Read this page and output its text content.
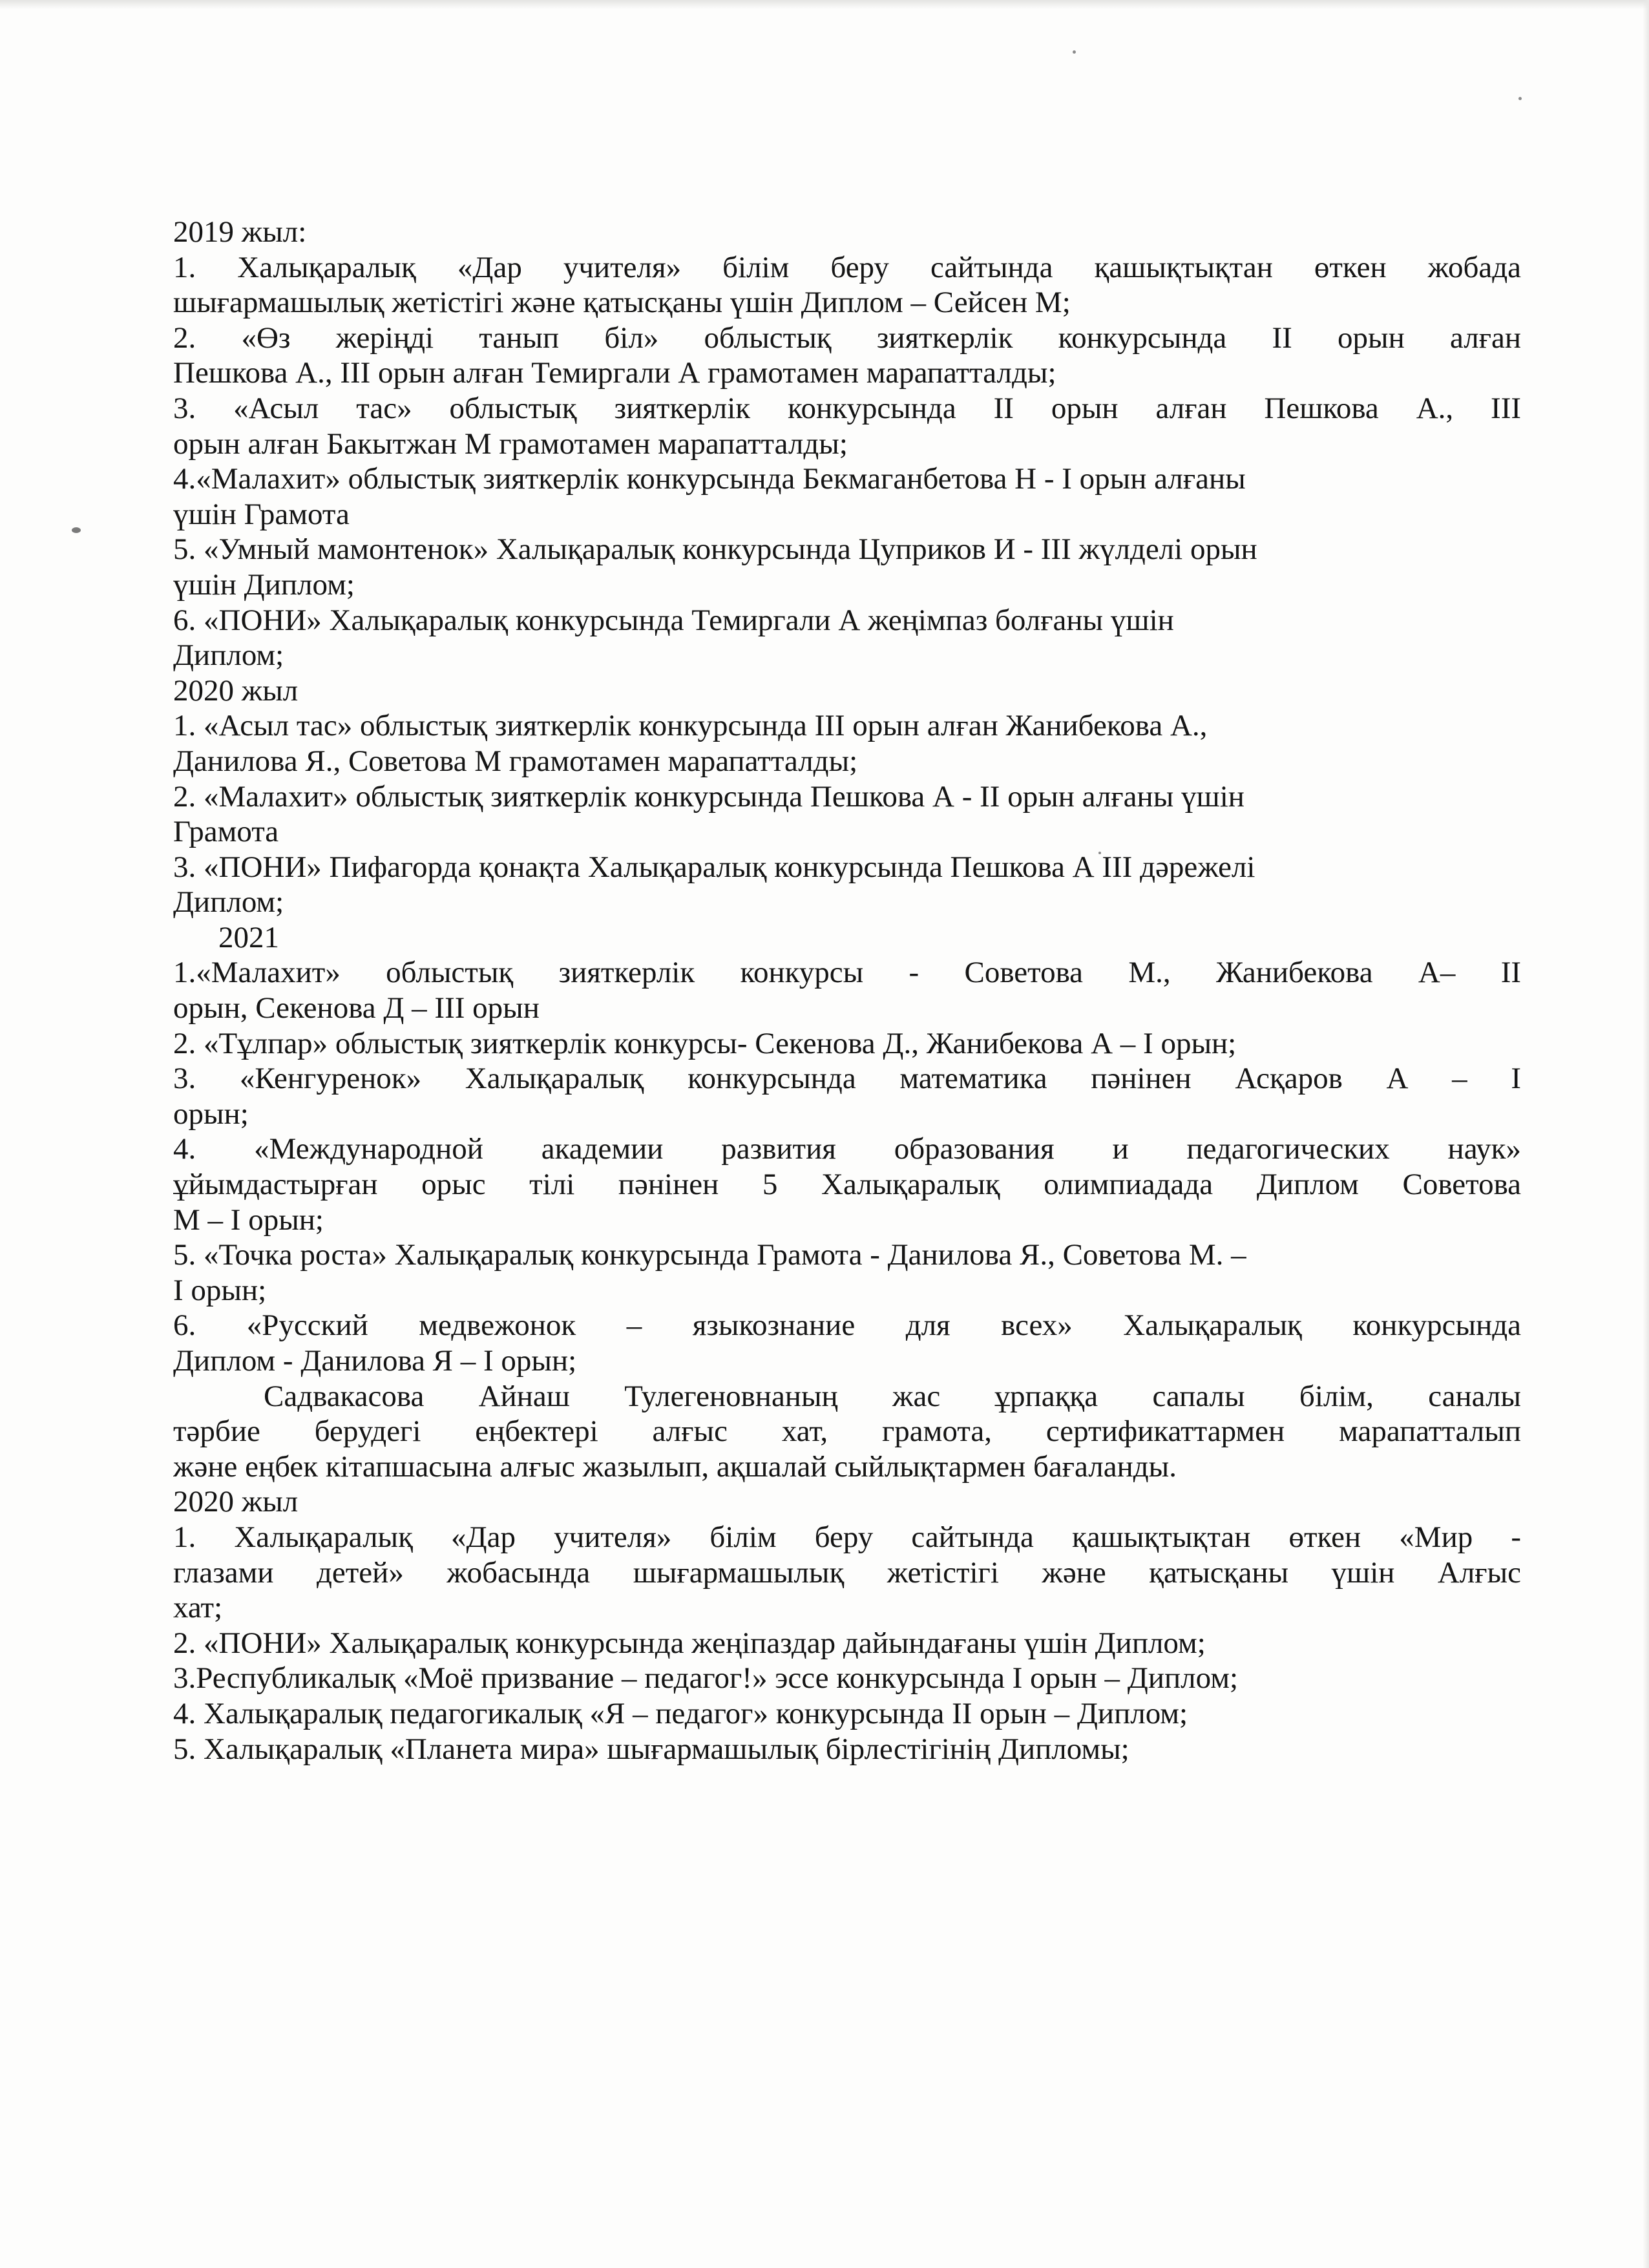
2019 жыл:
1. Халықаралық «Дар учителя» білім беру сайтында қашықтықтан өткен жобада
шығармашылық жетістігі және қатысқаны үшін Диплом – Сейсен М;
2. «Өз жеріңді танып біл» облыстық зияткерлік конкурсында II орын алған
Пешкова А., III орын алған Темиргали А грамотамен марапатталды;
3. «Асыл тас» облыстық зияткерлік конкурсында II орын алған Пешкова А., III
орын алған Бакытжан М грамотамен марапатталды;
4.«Малахит» облыстық зияткерлік конкурсында Бекмаганбетова Н - I орын алғаны
үшін Грамота
5. «Умный мамонтенок» Халықаралық конкурсында Цуприков И - III жүлделі орын
үшін Диплом;
6. «ПОНИ» Халықаралық конкурсында Темиргали А жеңімпаз болғаны үшін
Диплом;
2020 жыл
1. «Асыл тас» облыстық зияткерлік конкурсында III орын алған Жанибекова А.,
Данилова Я., Советова М грамотамен марапатталды;
2. «Малахит» облыстық зияткерлік конкурсында Пешкова А - II орын алғаны үшін
Грамота
3. «ПОНИ» Пифагорда қонақта Халықаралық конкурсында Пешкова А III дәрежелі
Диплом;
2021
1.«Малахит» облыстық зияткерлік конкурсы - Советова М., Жанибекова А– II
орын, Секенова Д – III орын
2. «Тұлпар» облыстық зияткерлік конкурсы- Секенова Д., Жанибекова А – I орын;
3. «Кенгуренок» Халықаралық конкурсында математика пәнінен Асқаров А – I
орын;
4. «Международной академии развития образования и педагогических наук»
ұйымдастырған орыс тілі пәнінен 5 Халықаралық олимпиадада Диплом Советова
М – I орын;
5. «Точка роста» Халықаралық конкурсында Грамота - Данилова Я., Советова М. –
I орын;
6. «Русский медвежонок – языкознание для всех» Халықаралық конкурсында
Диплом - Данилова Я – I орын;
Садвакасова Айнаш Тулегеновнаның жас ұрпаққа сапалы білім, саналы
тәрбие берудегі еңбектері алғыс хат, грамота, сертификаттармен марапатталып
және еңбек кітапшасына алғыс жазылып, ақшалай сыйлықтармен бағаланды.
2020 жыл
1. Халықаралық «Дар учителя» білім беру сайтында қашықтықтан өткен «Мир -
глазами детей» жобасында шығармашылық жетістігі және қатысқаны үшін Алғыс
хат;
2. «ПОНИ» Халықаралық конкурсында жеңіпаздар дайындағаны үшін Диплом;
3.Республикалық «Моё призвание – педагог!» эссе конкурсында I орын – Диплом;
4. Халықаралық педагогикалық «Я – педагог» конкурсында II орын – Диплом;
5. Халықаралық «Планета мира» шығармашылық бірлестігінің Дипломы;
